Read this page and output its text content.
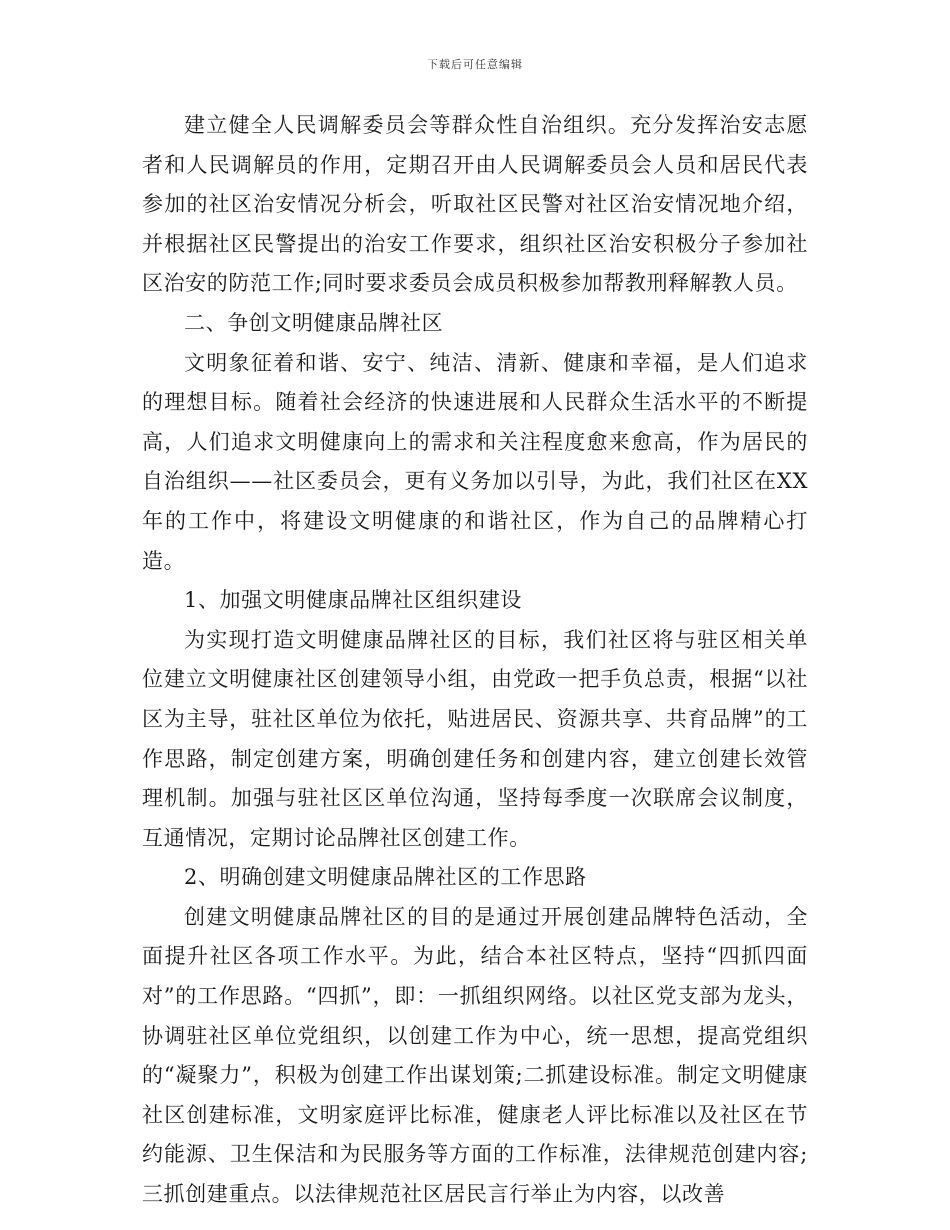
下载后可任意编辑

建立健全人民调解委员会等群众性自治组织。充分发挥治安志愿者和人民调解员的作用，定期召开由人民调解委员会人员和居民代表参加的社区治安情况分析会，听取社区民警对社区治安情况地介绍，并根据社区民警提出的治安工作要求，组织社区治安积极分子参加社区治安的防范工作;同时要求委员会成员积极参加帮教刑释解教人员。

二、争创文明健康品牌社区

文明象征着和谐、安宁、纯洁、清新、健康和幸福，是人们追求的理想目标。随着社会经济的快速进展和人民群众生活水平的不断提高，人们追求文明健康向上的需求和关注程度愈来愈高，作为居民的自治组织——社区委员会，更有义务加以引导，为此，我们社区在XX年的工作中，将建设文明健康的和谐社区，作为自己的品牌精心打造。

1、加强文明健康品牌社区组织建设

为实现打造文明健康品牌社区的目标，我们社区将与驻区相关单位建立文明健康社区创建领导小组，由党政一把手负总责，根据“以社区为主导，驻社区单位为依托，贴进居民、资源共享、共育品牌”的工作思路，制定创建方案，明确创建任务和创建内容，建立创建长效管理机制。加强与驻社区区单位沟通，坚持每季度一次联席会议制度，互通情况，定期讨论品牌社区创建工作。

2、明确创建文明健康品牌社区的工作思路

创建文明健康品牌社区的目的是通过开展创建品牌特色活动，全面提升社区各项工作水平。为此，结合本社区特点，坚持“四抓四面对”的工作思路。“四抓”，即：一抓组织网络。以社区党支部为龙头，协调驻社区单位党组织，以创建工作为中心，统一思想，提高党组织的“凝聚力”，积极为创建工作出谋划策;二抓建设标准。制定文明健康社区创建标准，文明家庭评比标准，健康老人评比标准以及社区在节约能源、卫生保洁和为民服务等方面的工作标准，法律规范创建内容;三抓创建重点。以法律规范社区居民言行举止为内容，以改善
